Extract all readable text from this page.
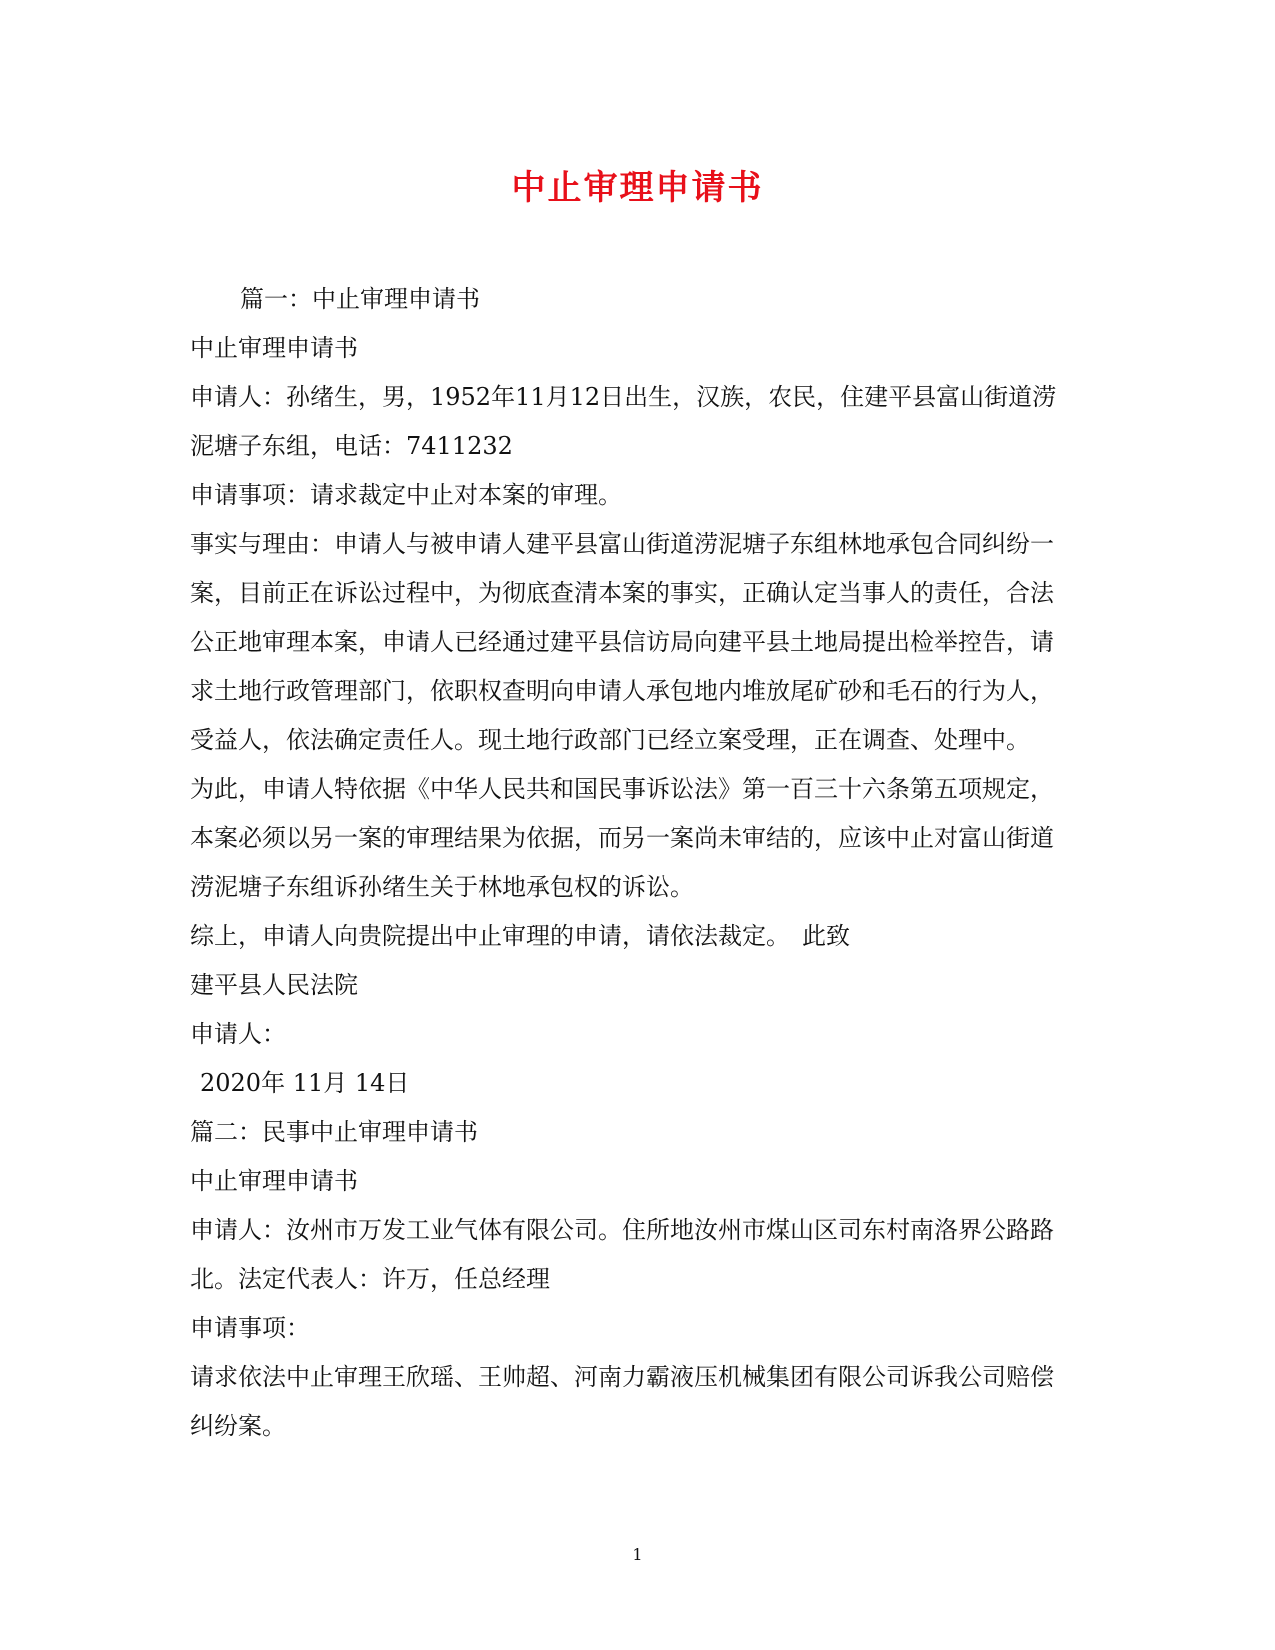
中止审理申请书

篇一：中止审理申请书

中止审理申请书

申请人：孙绪生，男，1952年11月12日出生，汉族，农民，住建平县富山街道涝泥塘子东组，电话：7411232

申请事项：请求裁定中止对本案的审理。

事实与理由：申请人与被申请人建平县富山街道涝泥塘子东组林地承包合同纠纷一案，目前正在诉讼过程中，为彻底查清本案的事实，正确认定当事人的责任，合法公正地审理本案，申请人已经通过建平县信访局向建平县土地局提出检举控告，请求土地行政管理部门，依职权查明向申请人承包地内堆放尾矿砂和毛石的行为人，受益人，依法确定责任人。现土地行政部门已经立案受理，正在调查、处理中。

为此，申请人特依据《中华人民共和国民事诉讼法》第一百三十六条第五项规定，本案必须以另一案的审理结果为依据，而另一案尚未审结的，应该中止对富山街道涝泥塘子东组诉孙绪生关于林地承包权的诉讼。

综上，申请人向贵院提出中止审理的申请，请依法裁定。　此致

建平县人民法院

申请人：

2020年 11月 14日

篇二：民事中止审理申请书

中止审理申请书

申请人：汝州市万发工业气体有限公司。住所地汝州市煤山区司东村南洛界公路路北。法定代表人：许万，任总经理

申请事项：

请求依法中止审理王欣瑶、王帅超、河南力霸液压机械集团有限公司诉我公司赔偿纠纷案。

1
